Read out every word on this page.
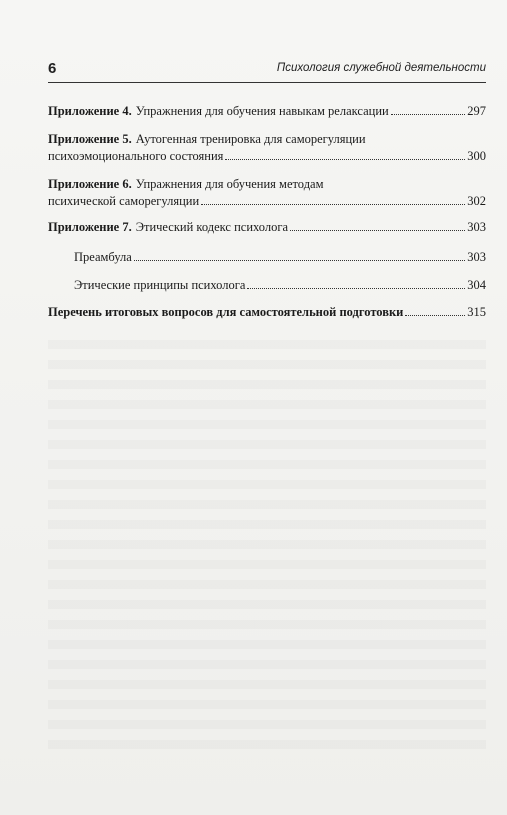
6	Психология служебной деятельности
Приложение 4. Упражнения для обучения навыкам релаксации	297
Приложение 5. Аутогенная тренировка для саморегуляции
психоэмоционального состояния	300
Приложение 6. Упражнения для обучения методам
психической саморегуляции	302
Приложение 7. Этический кодекс психолога	303
Преамбула	303
Этические принципы психолога	304
Перечень итоговых вопросов для самостоятельной подготовки	315
